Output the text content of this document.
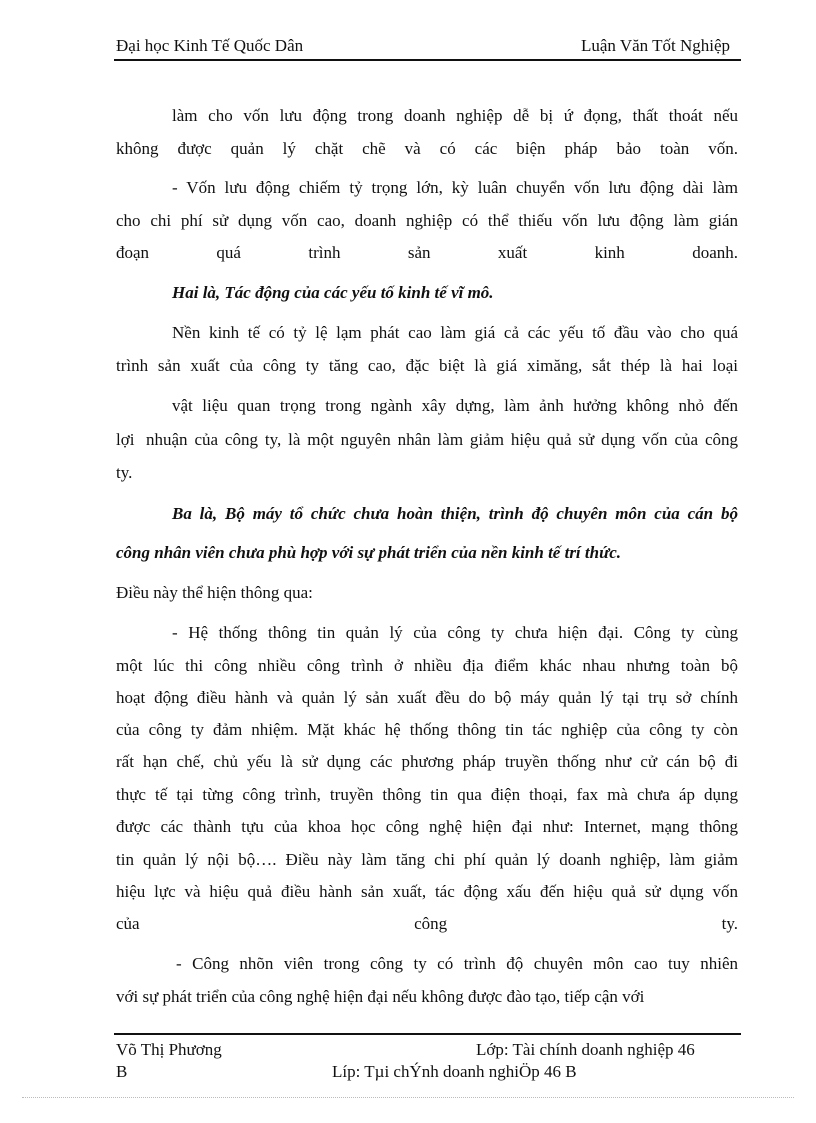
Đại học Kinh Tế Quốc Dân	Luận Văn Tốt Nghiệp
làm cho vốn lưu động trong doanh nghiệp dễ bị ứ đọng, thất thoát nếu
không được quản lý chặt chẽ và có các biện pháp bảo toàn vốn.
- Vốn lưu động chiếm tỷ trọng lớn, kỳ luân chuyển vốn lưu động dài làm
cho chi phí sử dụng vốn cao, doanh nghiệp có thể thiếu vốn lưu động làm gián
đoạn quá trình sản xuất kinh doanh.
Hai là, Tác động của các yếu tố kinh tế vĩ mô.
Nền kinh tế có tỷ lệ lạm phát cao làm giá cả các yếu tố đầu vào cho quá
trình sản xuất của công ty tăng cao, đặc biệt là giá ximăng, sắt thép là hai loại
vật liệu quan trọng trong ngành xây dựng, làm ảnh hưởng không nhỏ đến
lợi nhuận của công ty, là một nguyên nhân làm giảm hiệu quả sử dụng vốn của công
ty.
Ba là, Bộ máy tổ chức chưa hoàn thiện, trình độ chuyên môn của cán bộ
công nhân viên chưa phù hợp với sự phát triển của nền kinh tế trí thức.
Điều này thể hiện thông qua:
- Hệ thống thông tin quản lý của công ty chưa hiện đại. Công ty cùng
một lúc thi công nhiều công trình ở nhiều địa điểm khác nhau nhưng toàn bộ
hoạt động điều hành và quản lý sản xuất đều do bộ máy quản lý tại trụ sở chính
của công ty đảm nhiệm. Mặt khác hệ thống thông tin tác nghiệp của công ty còn
rất hạn chế, chủ yếu là sử dụng các phương pháp truyền thống như cử cán bộ đi
thực tế tại từng công trình, truyền thông tin qua điện thoại, fax mà chưa áp dụng
được các thành tựu của khoa học công nghệ hiện đại như: Internet, mạng thông
tin quản lý nội bộ…. Điều này làm tăng chi phí quản lý doanh nghiệp, làm giảm
hiệu lực và hiệu quả điều hành sản xuất, tác động xấu đến hiệu quả sử dụng vốn
của công ty.
- Công nhõn viên trong công ty có trình độ chuyên môn cao tuy nhiên
với sự phát triển của công nghệ hiện đại nếu không được đào tạo, tiếp cận với
Võ Thị Phương
B
Lớp: Tài chính doanh nghiệp 46
Líp: Tµi chÝnh doanh nghiÖp 46 B
